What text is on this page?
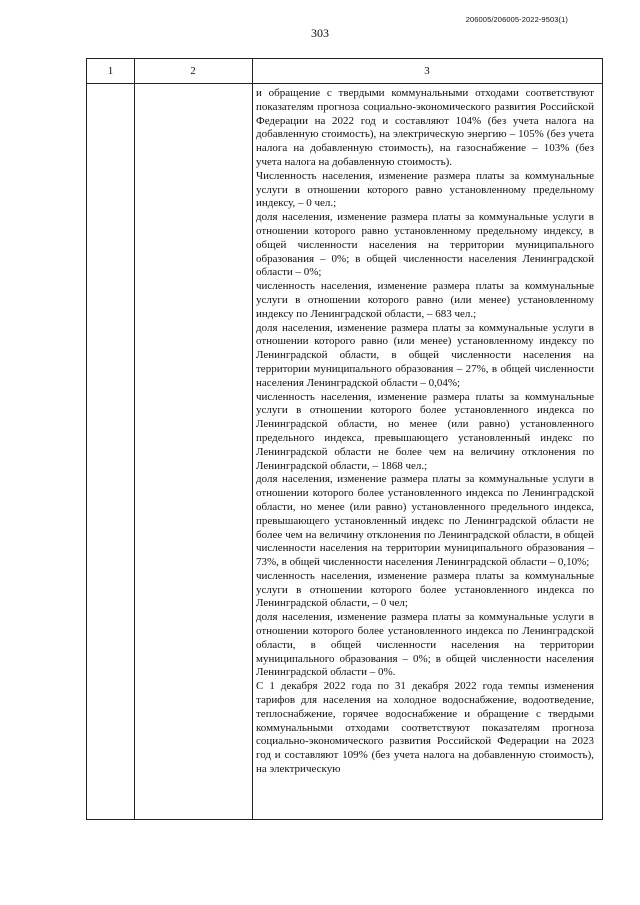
303
206005/206005-2022-9503(1)
1	2	3

и обращение с твердыми коммунальными отходами соответствуют показателям прогноза социально-экономического развития Российской Федерации на 2022 год и составляют 104% (без учета налога на добавленную стоимость), на электрическую энергию – 105% (без учета налога на добавленную стоимость), на газоснабжение – 103% (без учета налога на добавленную стоимость).

Численность населения, изменение размера платы за коммунальные услуги в отношении которого равно установленному предельному индексу, – 0 чел.;

доля населения, изменение размера платы за коммунальные услуги в отношении которого равно установленному предельному индексу, в общей численности населения на территории муниципального образования – 0%; в общей численности населения Ленинградской области – 0%;

численность населения, изменение размера платы за коммунальные услуги в отношении которого равно (или менее) установленному индексу по Ленинградской области, – 683 чел.;

доля населения, изменение размера платы за коммунальные услуги в отношении которого равно (или менее) установленному индексу по Ленинградской области, в общей численности населения на территории муниципального образования – 27%, в общей численности населения Ленинградской области – 0,04%;

численность населения, изменение размера платы за коммунальные услуги в отношении которого более установленного индекса по Ленинградской области, но менее (или равно) установленного предельного индекса, превышающего установленный индекс по Ленинградской области не более чем на величину отклонения по Ленинградской области, – 1868 чел.;

доля населения, изменение размера платы за коммунальные услуги в отношении которого более установленного индекса по Ленинградской области, но менее (или равно) установленного предельного индекса, превышающего установленный индекс по Ленинградской области не более чем на величину отклонения по Ленинградской области, в общей численности населения на территории муниципального образования – 73%, в общей численности населения Ленинградской области – 0,10%;

численность населения, изменение размера платы за коммунальные услуги в отношении которого более установленного индекса по Ленинградской области, – 0 чел;

доля населения, изменение размера платы за коммунальные услуги в отношении которого более установленного индекса по Ленинградской области, в общей численности населения на территории муниципального образования – 0%; в общей численности населения Ленинградской области – 0%.

С 1 декабря 2022 года по 31 декабря 2022 года темпы изменения тарифов для населения на холодное водоснабжение, водоотведение, теплоснабжение, горячее водоснабжение и обращение с твердыми коммунальными отходами соответствуют показателям прогноза социально-экономического развития Российской Федерации на 2023 год и составляют 109% (без учета налога на добавленную стоимость), на электрическую
